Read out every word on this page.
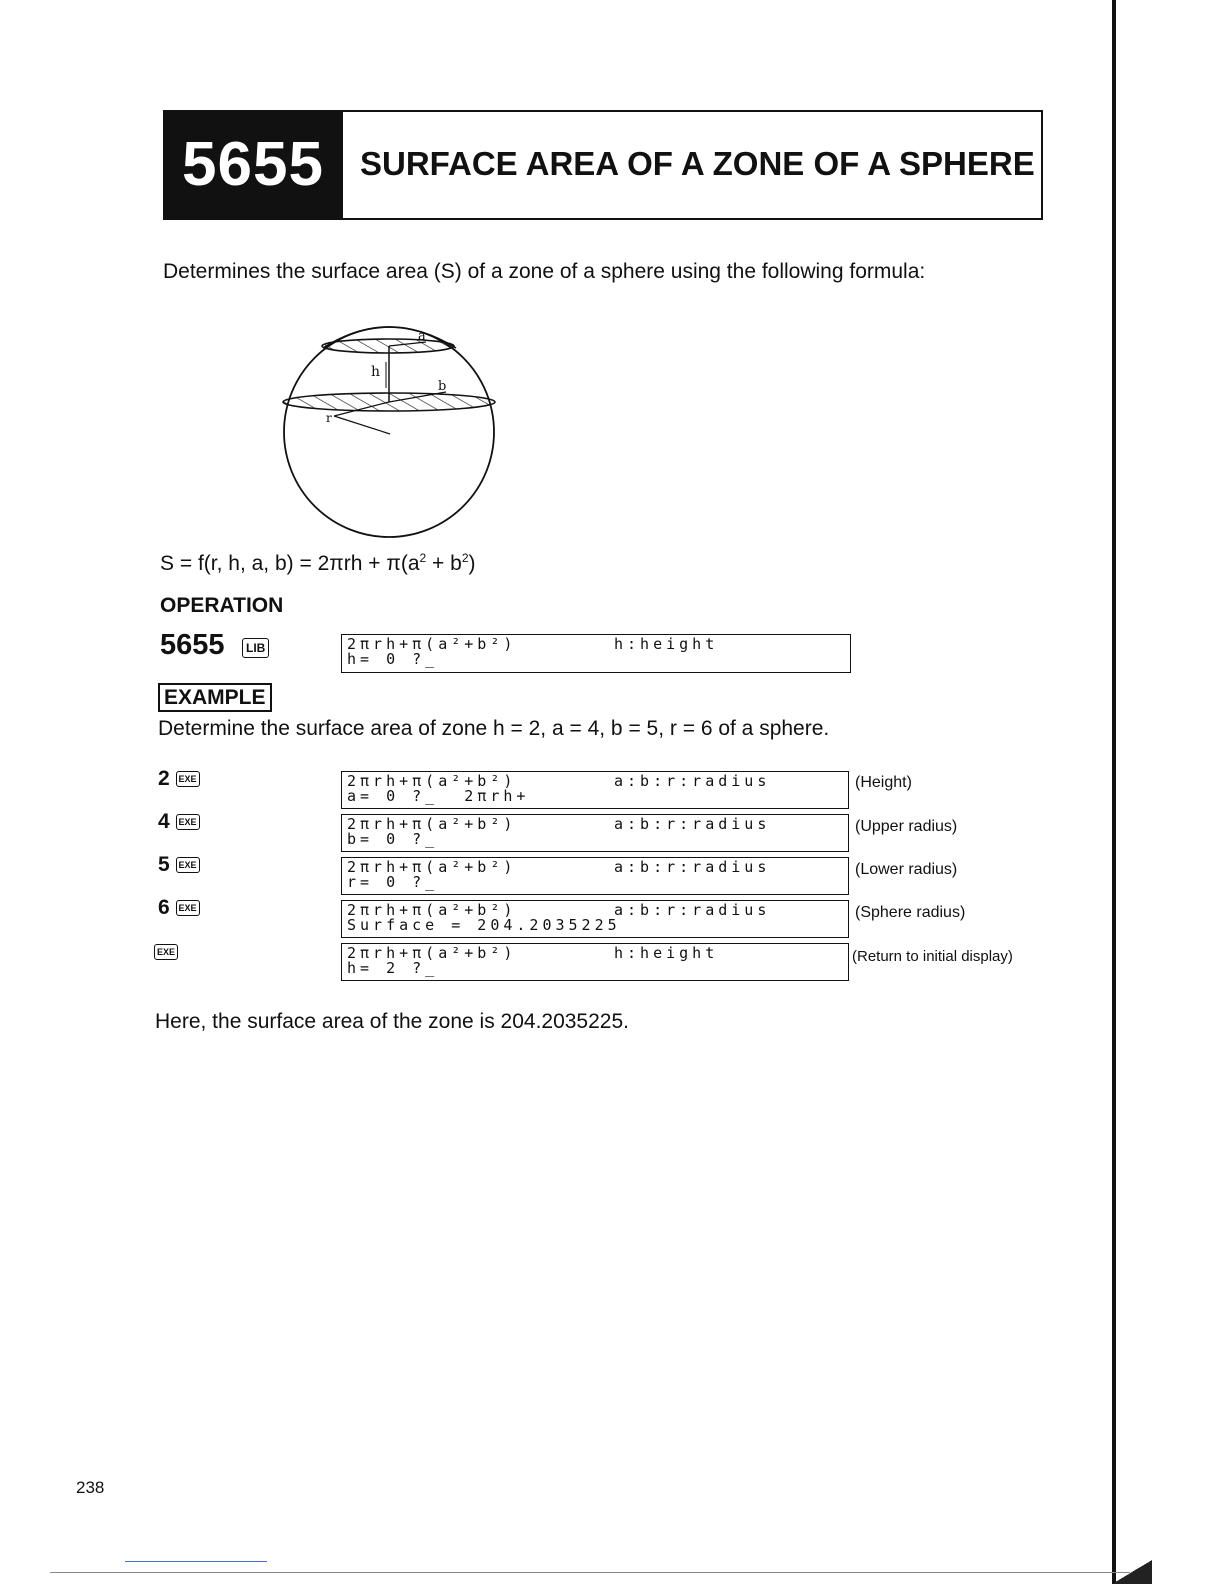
5655	SURFACE AREA OF A ZONE OF A SPHERE
Determines the surface area (S) of a zone of a sphere using the following formula:
a
b
h
r
S = f(r, h, a, $b) = 2\pi rh + \pi(a^2 + b^2)$
OPERATION
5655	LIB	2πrh+π(a²+b²)	h:height
h= 0 ?_
EXAMPLE
Determine the surface area of zone h = 2, a = 4, b = 5, r = 6 of a sphere.
2 EXE	2πrh+π(a²+b²)	a:b:r:radius
a= 0 ?_  2πrh+
(Height)
4 EXE	2πrh+π(a²+b²)	a:b:r:radius
b= 0 ?_
(Upper radius)
5 EXE	2πrh+π(a²+b²)	a:b:r:radius
r= 0 ?_
(Lower radius)
6 EXE	2πrh+π(a²+b²)	a:b:r:radius
Surface = 204.2035225
(Sphere radius)
EXE	2πrh+π(a²+b²)	h:height
h= 2 ?_
(Return to initial display)
Here, the surface area of the zone is 204.2035225.
238
